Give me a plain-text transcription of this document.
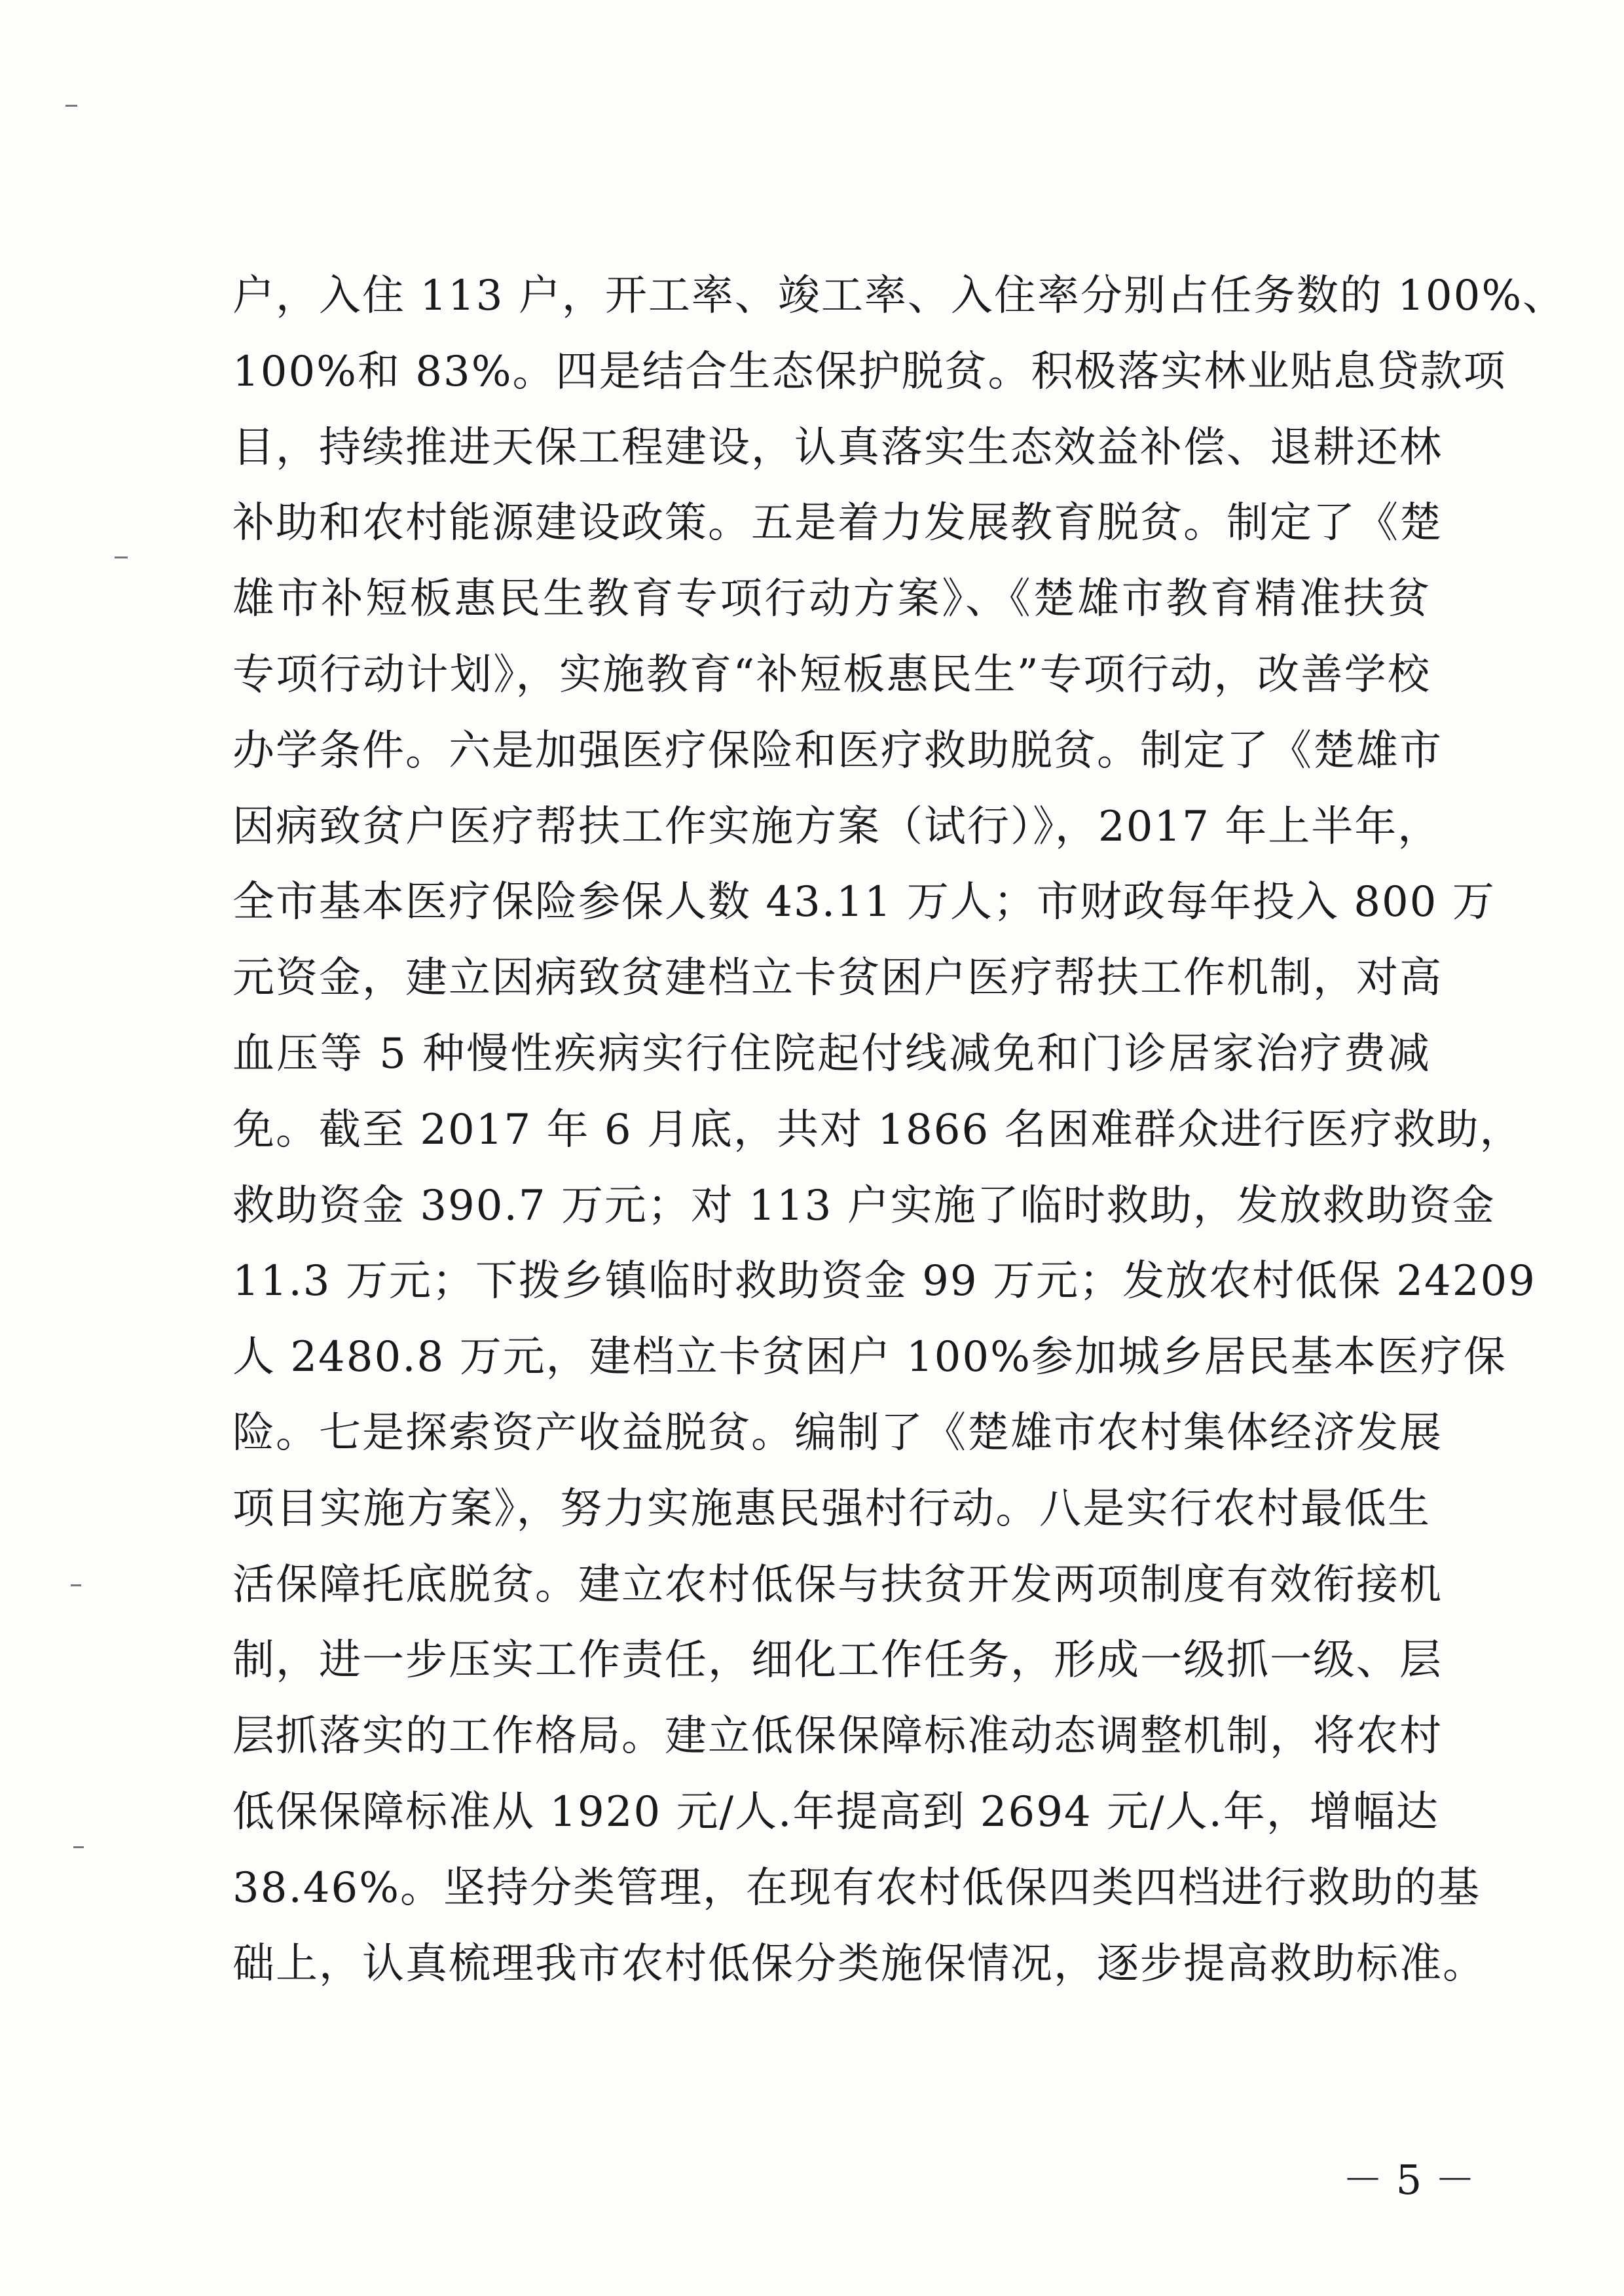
户，入住 113 户，开工率、竣工率、入住率分别占任务数的 100%、
100%和 83%。四是结合生态保护脱贫。积极落实林业贴息贷款项
目，持续推进天保工程建设，认真落实生态效益补偿、退耕还林
补助和农村能源建设政策。五是着力发展教育脱贫。制定了《楚
雄市补短板惠民生教育专项行动方案》、《楚雄市教育精准扶贫
专项行动计划》，实施教育“补短板惠民生”专项行动，改善学校
办学条件。六是加强医疗保险和医疗救助脱贫。制定了《楚雄市
因病致贫户医疗帮扶工作实施方案（试行）》，2017 年上半年，
全市基本医疗保险参保人数 43.11 万人；市财政每年投入 800 万
元资金，建立因病致贫建档立卡贫困户医疗帮扶工作机制，对高
血压等 5 种慢性疾病实行住院起付线减免和门诊居家治疗费减
免。截至 2017 年 6 月底，共对 1866 名困难群众进行医疗救助，
救助资金 390.7 万元；对 113 户实施了临时救助，发放救助资金
11.3 万元；下拨乡镇临时救助资金 99 万元；发放农村低保 24209
人 2480.8 万元，建档立卡贫困户 100%参加城乡居民基本医疗保
险。七是探索资产收益脱贫。编制了《楚雄市农村集体经济发展
项目实施方案》，努力实施惠民强村行动。八是实行农村最低生
活保障托底脱贫。建立农村低保与扶贫开发两项制度有效衔接机
制，进一步压实工作责任，细化工作任务，形成一级抓一级、层
层抓落实的工作格局。建立低保保障标准动态调整机制，将农村
低保保障标准从 1920 元/人.年提高到 2694 元/人.年，增幅达
38.46%。坚持分类管理，在现有农村低保四类四档进行救助的基
础上，认真梳理我市农村低保分类施保情况，逐步提高救助标准。
－ 5 －
